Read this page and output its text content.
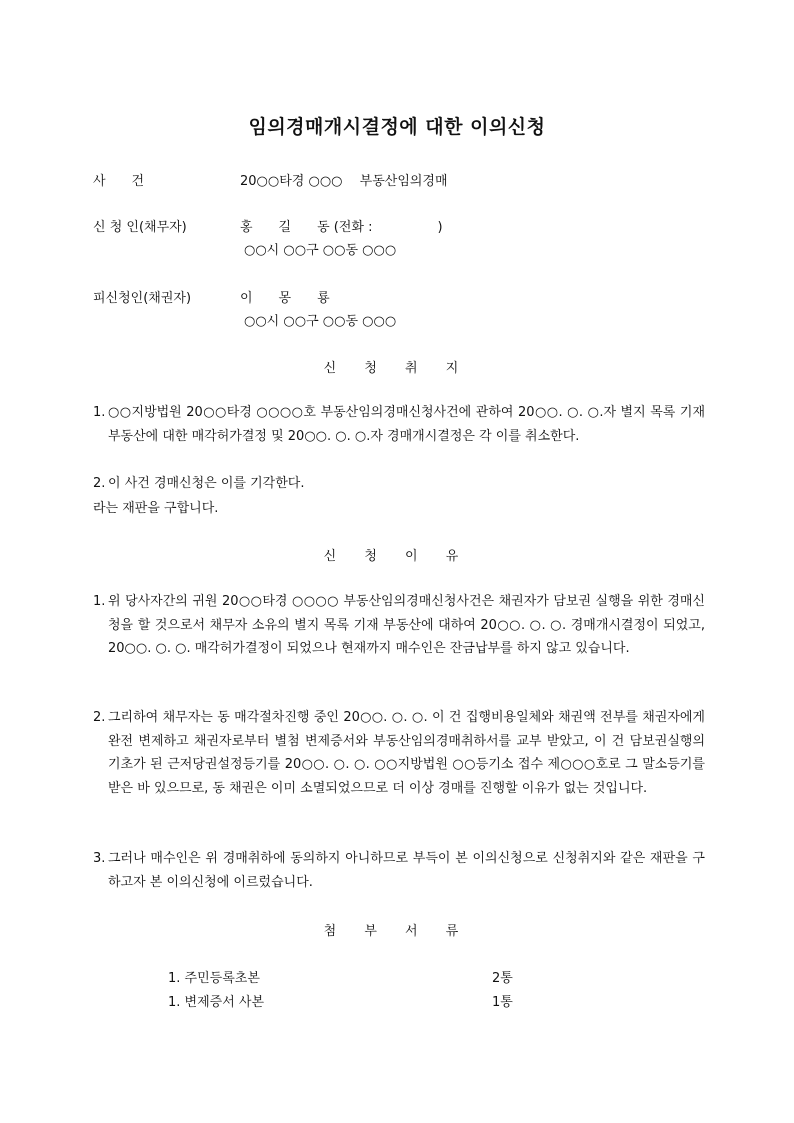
임의경매개시결정에 대한 이의신청
사　　건	20○○타경 ○○○　 부동산임의경매
신 청 인(채무자)	홍　　길　　동 (전화 :　　　　　)
○○시 ○○구 ○○동 ○○○
피신청인(채권자)	이　　몽　　룡
○○시 ○○구 ○○동 ○○○
신 청 취 지
1. ○○지방법원 20○○타경 ○○○○호 부동산임의경매신청사건에 관하여 20○○. ○. ○.자 별지 목록 기재 부동산에 대한 매각허가결정 및 20○○. ○. ○.자 경매개시결정은 각 이를 취소한다.
2. 이 사건 경매신청은 이를 기각한다.
라는 재판을 구합니다.
신 청 이 유
1. 위 당사자간의 귀원 20○○타경 ○○○○ 부동산임의경매신청사건은 채권자가 담보권 실행을 위한 경매신청을 할 것으로서 채무자 소유의 별지 목록 기재 부동산에 대하여 20○○. ○. ○. 경매개시결정이 되었고, 20○○. ○. ○. 매각허가결정이 되었으나 현재까지 매수인은 잔금납부를 하지 않고 있습니다.
2. 그리하여 채무자는 동 매각절차진행 중인 20○○. ○. ○. 이 건 집행비용일체와 채권액 전부를 채권자에게 완전 변제하고 채권자로부터 별첨 변제증서와 부동산임의경매취하서를 교부 받았고, 이 건 담보권실행의 기초가 된 근저당권설정등기를 20○○. ○. ○. ○○지방법원 ○○등기소 접수 제○○○호로 그 말소등기를 받은 바 있으므로, 동 채권은 이미 소멸되었으므로 더 이상 경매를 진행할 이유가 없는 것입니다.
3. 그러나 매수인은 위 경매취하에 동의하지 아니하므로 부득이 본 이의신청으로 신청취지와 같은 재판을 구하고자 본 이의신청에 이르렀습니다.
첨 부 서 류
1. 주민등록초본	2통
1. 변제증서 사본	1통
